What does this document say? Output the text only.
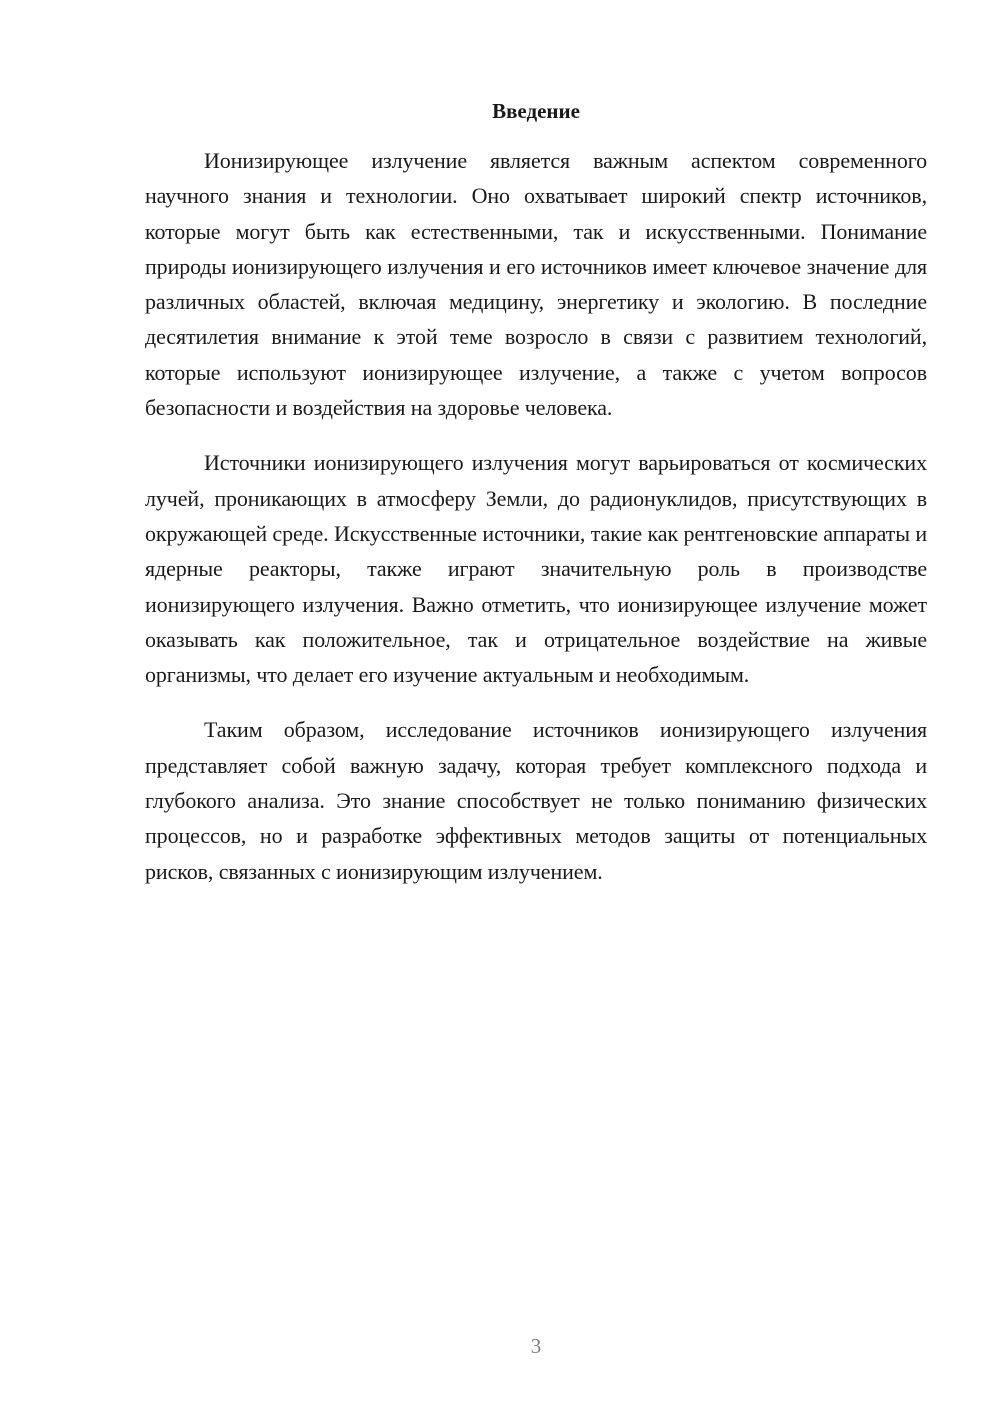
Введение

Ионизирующее излучение является важным аспектом современного научного знания и технологии. Оно охватывает широкий спектр источников, которые могут быть как естественными, так и искусственными. Понимание природы ионизирующего излучения и его источников имеет ключевое значение для различных областей, включая медицину, энергетику и экологию. В последние десятилетия внимание к этой теме возросло в связи с развитием технологий, которые используют ионизирующее излучение, а также с учетом вопросов безопасности и воздействия на здоровье человека.

Источники ионизирующего излучения могут варьироваться от космических лучей, проникающих в атмосферу Земли, до радионуклидов, присутствующих в окружающей среде. Искусственные источники, такие как рентгеновские аппараты и ядерные реакторы, также играют значительную роль в производстве ионизирующего излучения. Важно отметить, что ионизирующее излучение может оказывать как положительное, так и отрицательное воздействие на живые организмы, что делает его изучение актуальным и необходимым.

Таким образом, исследование источников ионизирующего излучения представляет собой важную задачу, которая требует комплексного подхода и глубокого анализа. Это знание способствует не только пониманию физических процессов, но и разработке эффективных методов защиты от потенциальных рисков, связанных с ионизирующим излучением.

3
